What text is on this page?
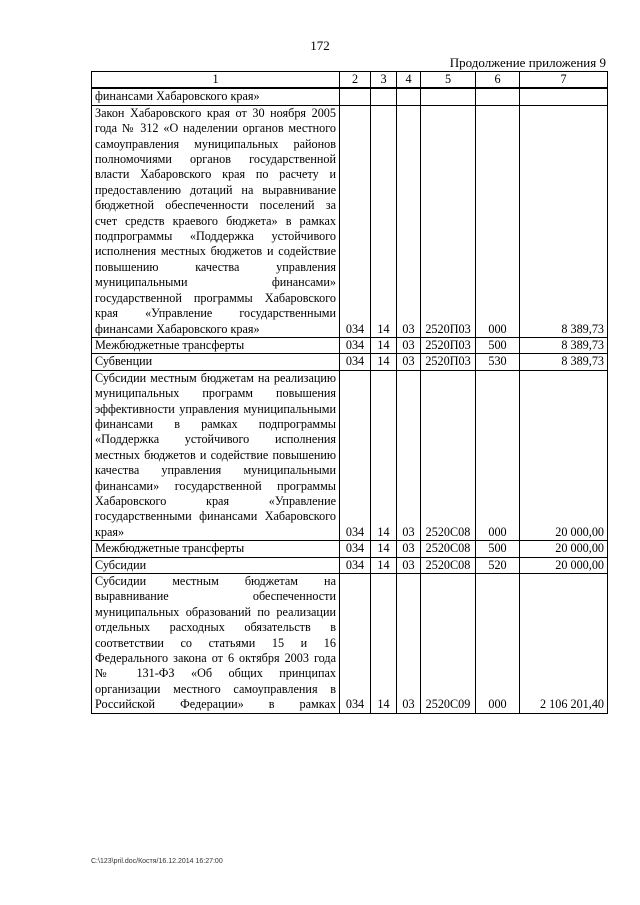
172
Продолжение приложения 9
1	2	3	4	5	6	7
финансами Хабаровского края»						
Закон Хабаровского края от 30 ноября 2005 года № 312 «О наделении органов местного самоуправления муниципальных районов полномочиями органов государственной власти Хабаровского края по расчету и предоставлению дотаций на выравнивание бюджетной обеспеченности поселений за счет средств краевого бюджета» в рамках подпрограммы «Поддержка устойчивого исполнения местных бюджетов и содействие повышению качества управления муниципальными финансами» государственной программы Хабаровского края «Управление государственными финансами Хабаровского края»	034	14	03	2520П03	000	8 389,73
Межбюджетные трансферты	034	14	03	2520П03	500	8 389,73
Субвенции	034	14	03	2520П03	530	8 389,73
Субсидии местным бюджетам на реализацию муниципальных программ повышения эффективности управления муниципальными финансами в рамках подпрограммы «Поддержка устойчивого исполнения местных бюджетов и содействие повышению качества управления муниципальными финансами» государственной программы Хабаровского края «Управление государственными финансами Хабаровского края»	034	14	03	2520С08	000	20 000,00
Межбюджетные трансферты	034	14	03	2520С08	500	20 000,00
Субсидии	034	14	03	2520С08	520	20 000,00
Субсидии местным бюджетам на выравнивание обеспеченности муниципальных образований по реализации отдельных расходных обязательств в соответствии со статьями 15 и 16 Федерального закона от 6 октября 2003 года № 131-ФЗ «Об общих принципах организации местного самоуправления в Российской Федерации» в рамках	034	14	03	2520С09	000	2 106 201,40
C:\123\pril.doc/Костя/16.12.2014 16:27:00
